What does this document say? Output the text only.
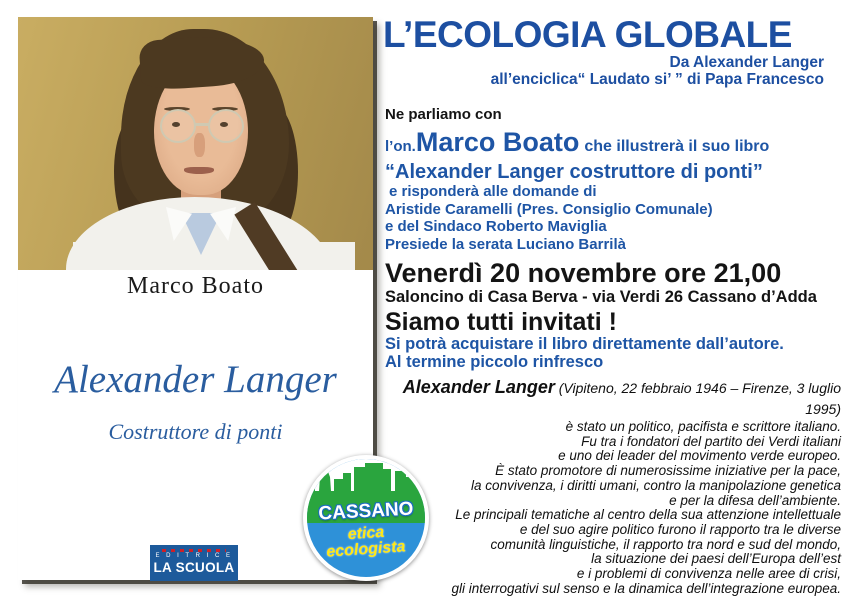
Marco Boato
Alexander Langer
Costruttore di ponti
E D I T R I C E
LA SCUOLA
CASSANO
etica
ecologista
L’ECOLOGIA GLOBALE
Da Alexander Langer
all’enciclica“ Laudato si’ ” di Papa Francesco
Ne parliamo con
l’on.Marco Boato che illustrerà il suo libro
“Alexander Langer costruttore di ponti”
e risponderà alle domande di
Aristide Caramelli (Pres. Consiglio Comunale)
e del Sindaco Roberto Maviglia
Presiede la serata Luciano Barrilà
Venerdì 20 novembre ore 21,00
Saloncino di Casa Berva - via Verdi 26 Cassano d’Adda
Siamo tutti invitati !
Si potrà acquistare il libro direttamente dall’autore.
Al termine piccolo rinfresco
Alexander Langer (Vipiteno, 22 febbraio 1946 – Firenze, 3 luglio 1995)
è stato un politico, pacifista e scrittore italiano.
Fu tra i fondatori del partito dei Verdi italiani
e uno dei leader del movimento verde europeo.
È stato promotore di numerosissime iniziative per la pace,
la convivenza, i diritti umani, contro la manipolazione genetica
e per la difesa dell’ambiente.
Le principali tematiche al centro della sua attenzione intellettuale
e del suo agire politico furono il rapporto tra le diverse
comunità linguistiche, il rapporto tra nord e sud del mondo,
la situazione dei paesi dell’Europa dell’est
e i problemi di convivenza nelle aree di crisi,
gli interrogativi sul senso e la dinamica dell’integrazione europea.
